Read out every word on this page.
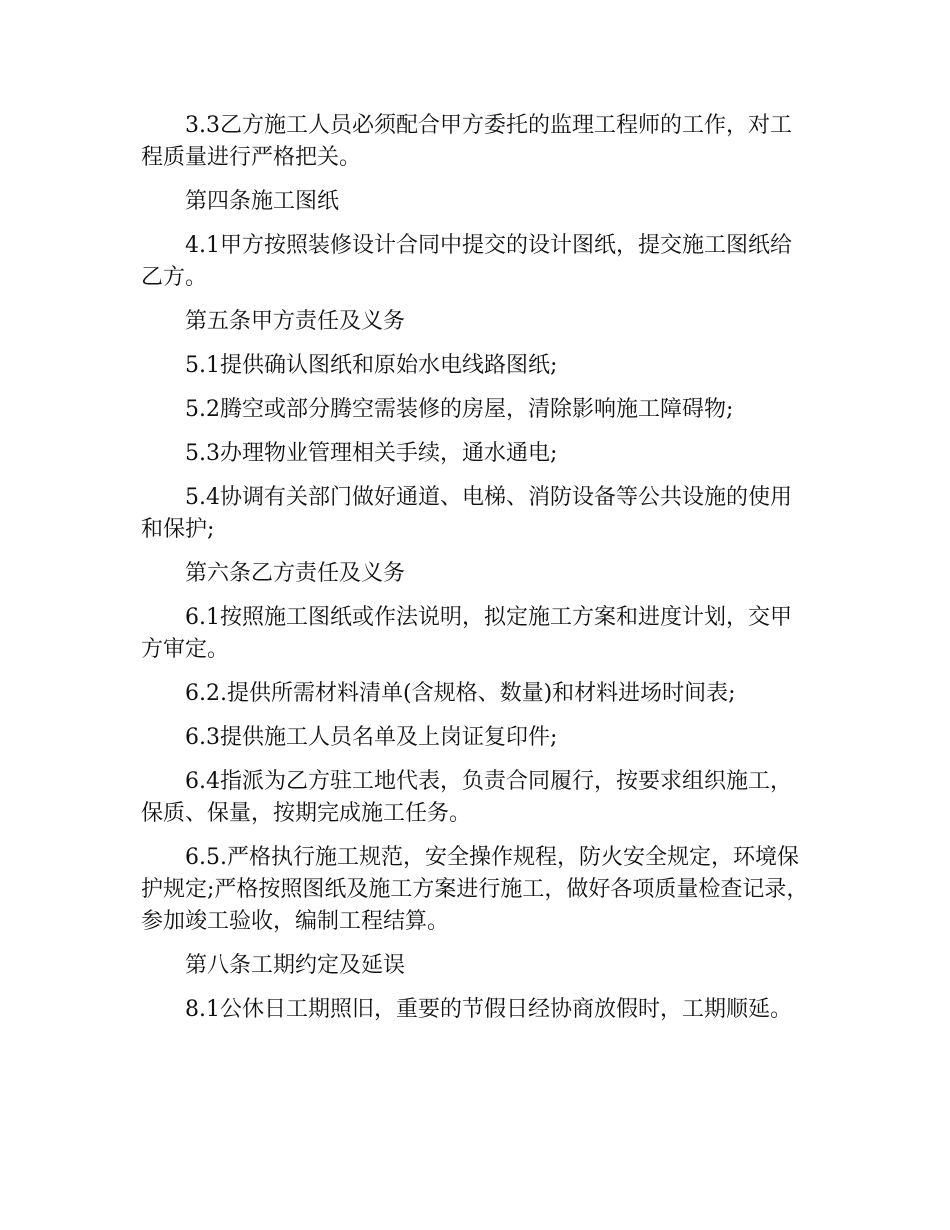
3.3乙方施工人员必须配合甲方委托的监理工程师的工作，对工程质量进行严格把关。

第四条施工图纸

4.1甲方按照装修设计合同中提交的设计图纸，提交施工图纸给乙方。

第五条甲方责任及义务

5.1提供确认图纸和原始水电线路图纸;

5.2腾空或部分腾空需装修的房屋，清除影响施工障碍物;

5.3办理物业管理相关手续，通水通电;

5.4协调有关部门做好通道、电梯、消防设备等公共设施的使用和保护;

第六条乙方责任及义务

6.1按照施工图纸或作法说明，拟定施工方案和进度计划，交甲方审定。

6.2.提供所需材料清单(含规格、数量)和材料进场时间表;

6.3提供施工人员名单及上岗证复印件;

6.4指派为乙方驻工地代表，负责合同履行，按要求组织施工，保质、保量，按期完成施工任务。

6.5.严格执行施工规范，安全操作规程，防火安全规定，环境保护规定;严格按照图纸及施工方案进行施工，做好各项质量检查记录，参加竣工验收，编制工程结算。

第八条工期约定及延误

8.1公休日工期照旧，重要的节假日经协商放假时，工期顺延。
